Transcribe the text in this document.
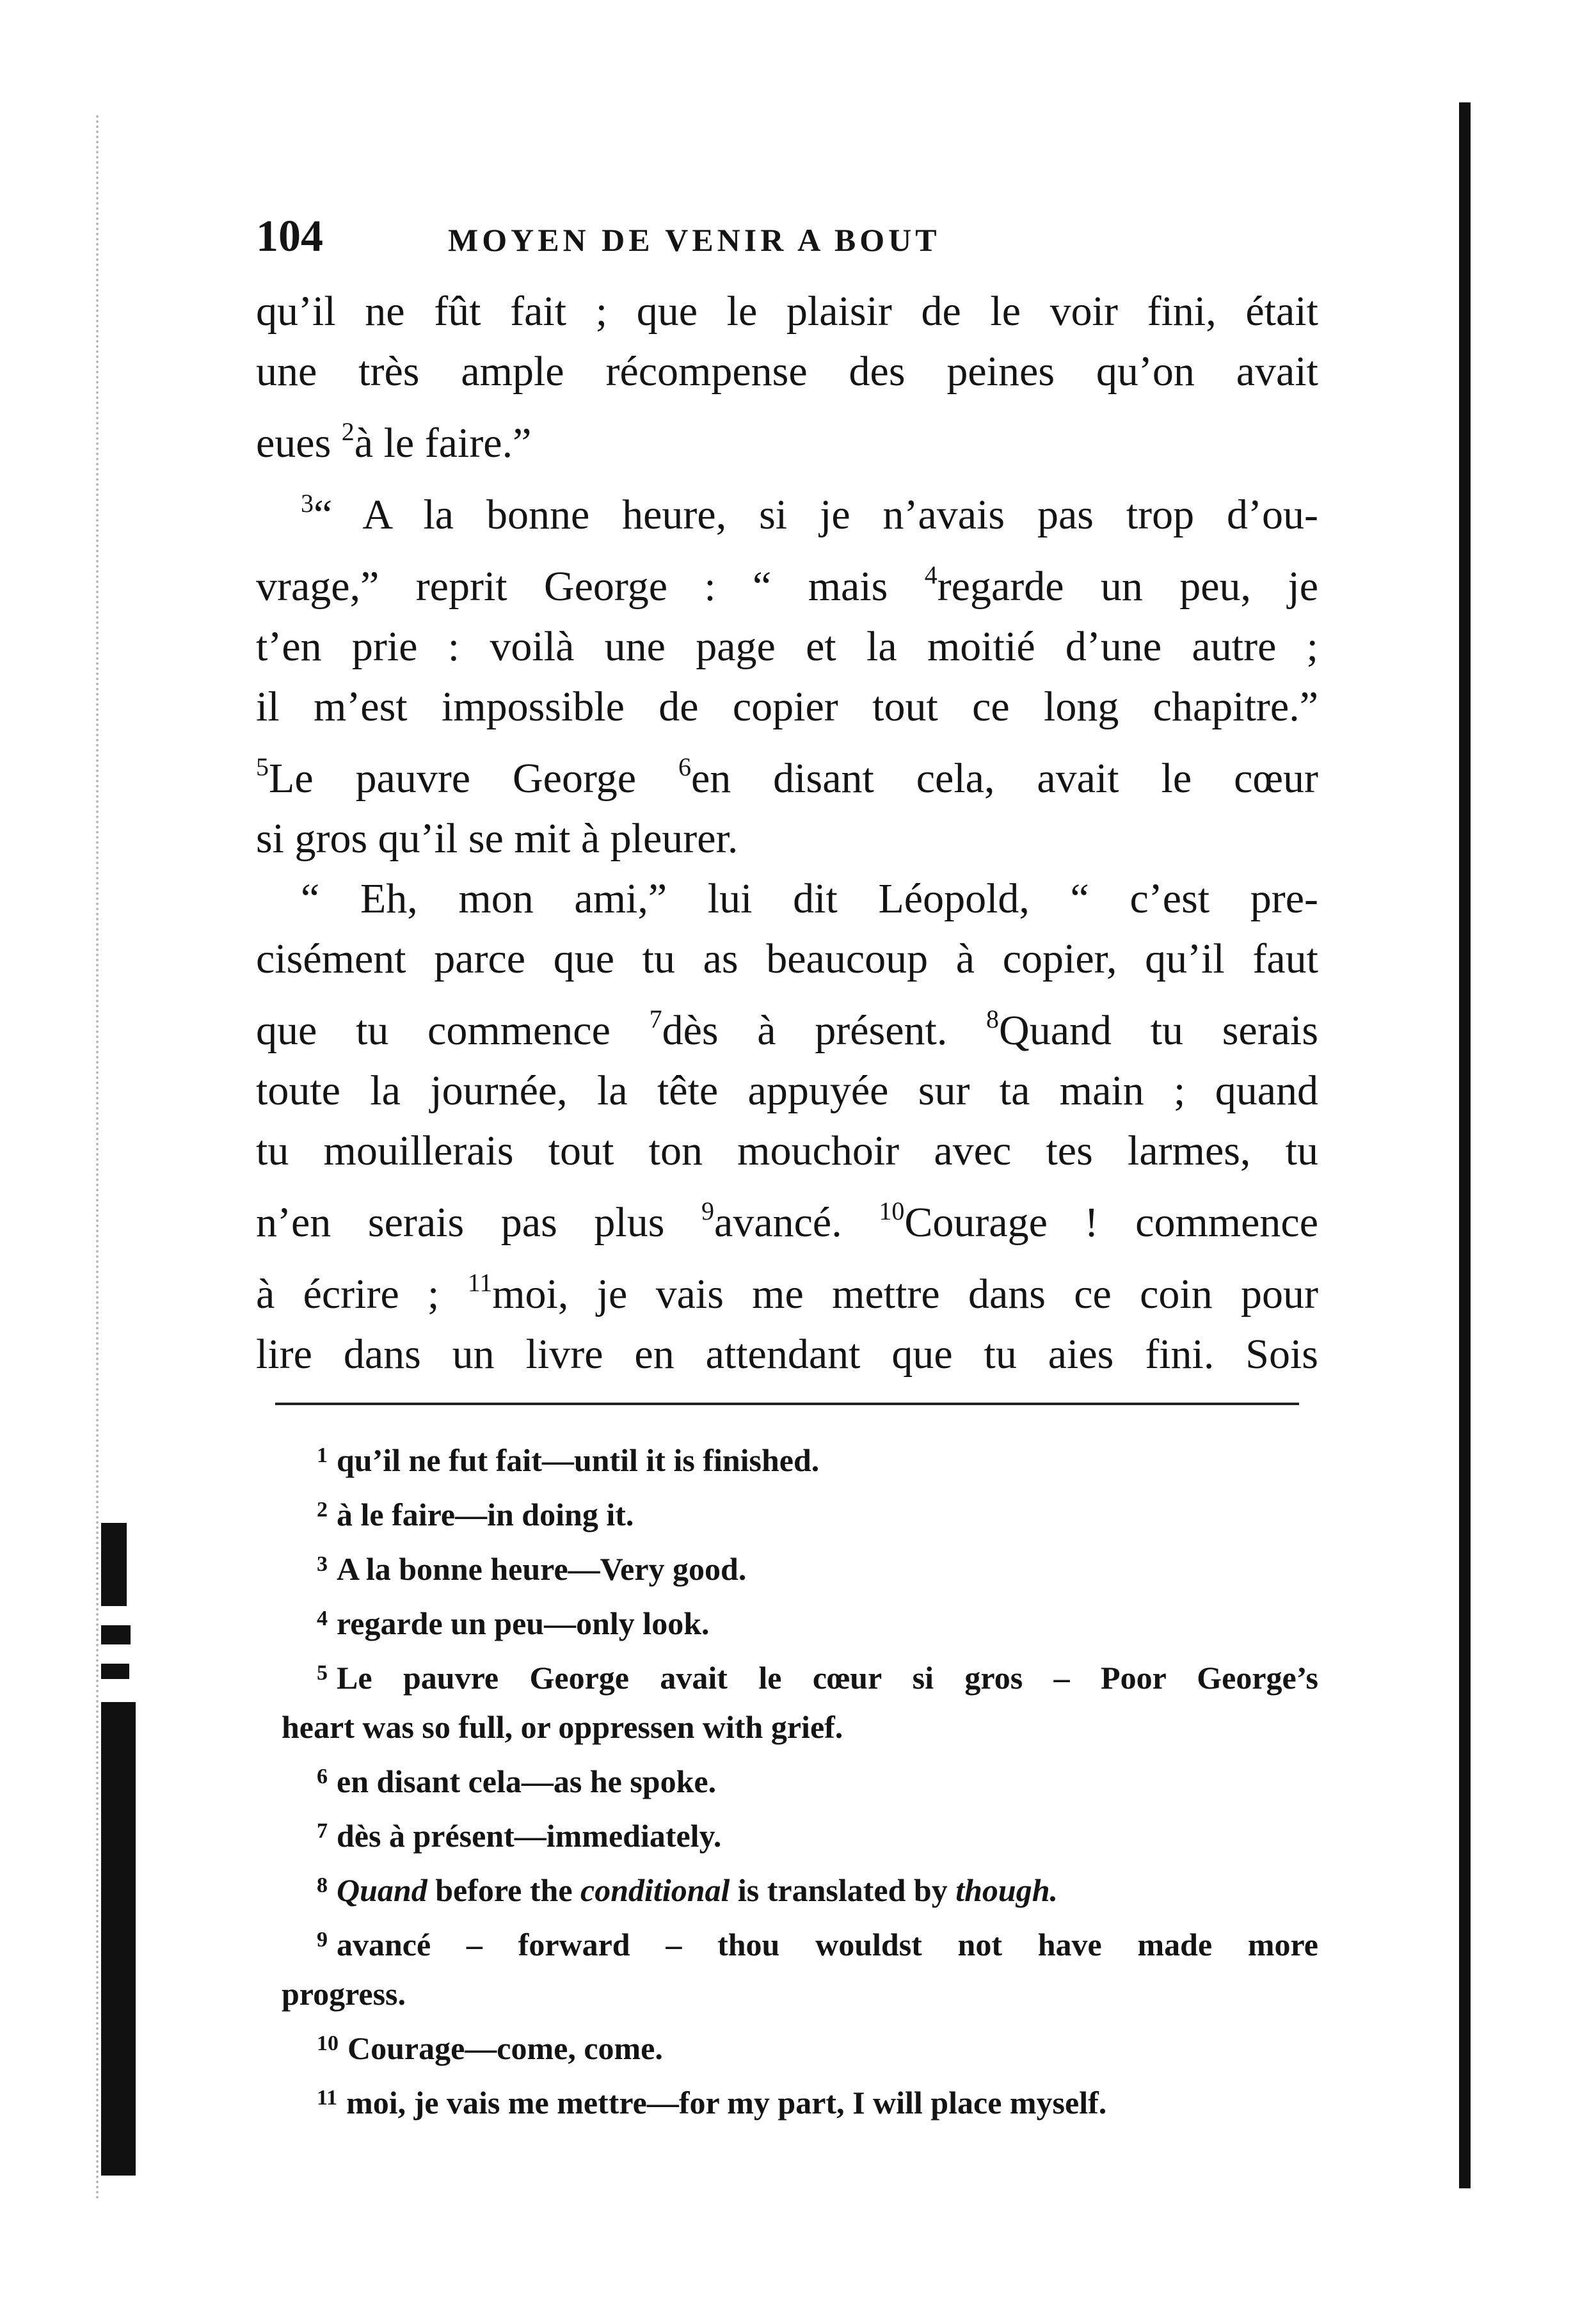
104	MOYEN DE VENIR A BOUT
qu’il ne fût fait ; que le plaisir de le voir fini, était
une très ample récompense des peines qu’on avait
eues $^2$à le faire.”
$^3$“ A la bonne heure, si je n’avais pas trop d’ou-
vrage,” reprit George : “ mais $^4$regarde un peu, je
t’en prie : voilà une page et la moitié d’une autre ;
il m’est impossible de copier tout ce long chapitre.”
$^5$Le pauvre George $^6$en disant cela, avait le cœur
si gros qu’il se mit à pleurer.
“ Eh, mon ami,” lui dit Léopold, “ c’est pre-
cisément parce que tu as beaucoup à copier, qu’il faut
que tu commence $^7$dès à présent. $^8$Quand tu serais
toute la journée, la tête appuyée sur ta main ; quand
tu mouillerais tout ton mouchoir avec tes larmes, tu
n’en serais pas plus $^9$avancé. $^{10}$Courage ! commence
à écrire ; $^{11}$moi, je vais me mettre dans ce coin pour
lire dans un livre en attendant que tu aies fini. Sois
$^1$ qu’il ne fut fait—until it is finished.
$^2$ à le faire—in doing it.
$^3$ A la bonne heure—Very good.
$^4$ regarde un peu—only look.
$^5$ Le pauvre George avait le cœur si gros – Poor George’s
heart was so full, or oppressen with grief.
$^6$ en disant cela—as he spoke.
$^7$ dès à présent—immediately.
$^8$ Quand before the conditional is translated by though.
$^9$ avancé – forward – thou wouldst not have made more
progress.
$^{10}$ Courage—come, come.
$^{11}$ moi, je vais me mettre—for my part, I will place myself.
